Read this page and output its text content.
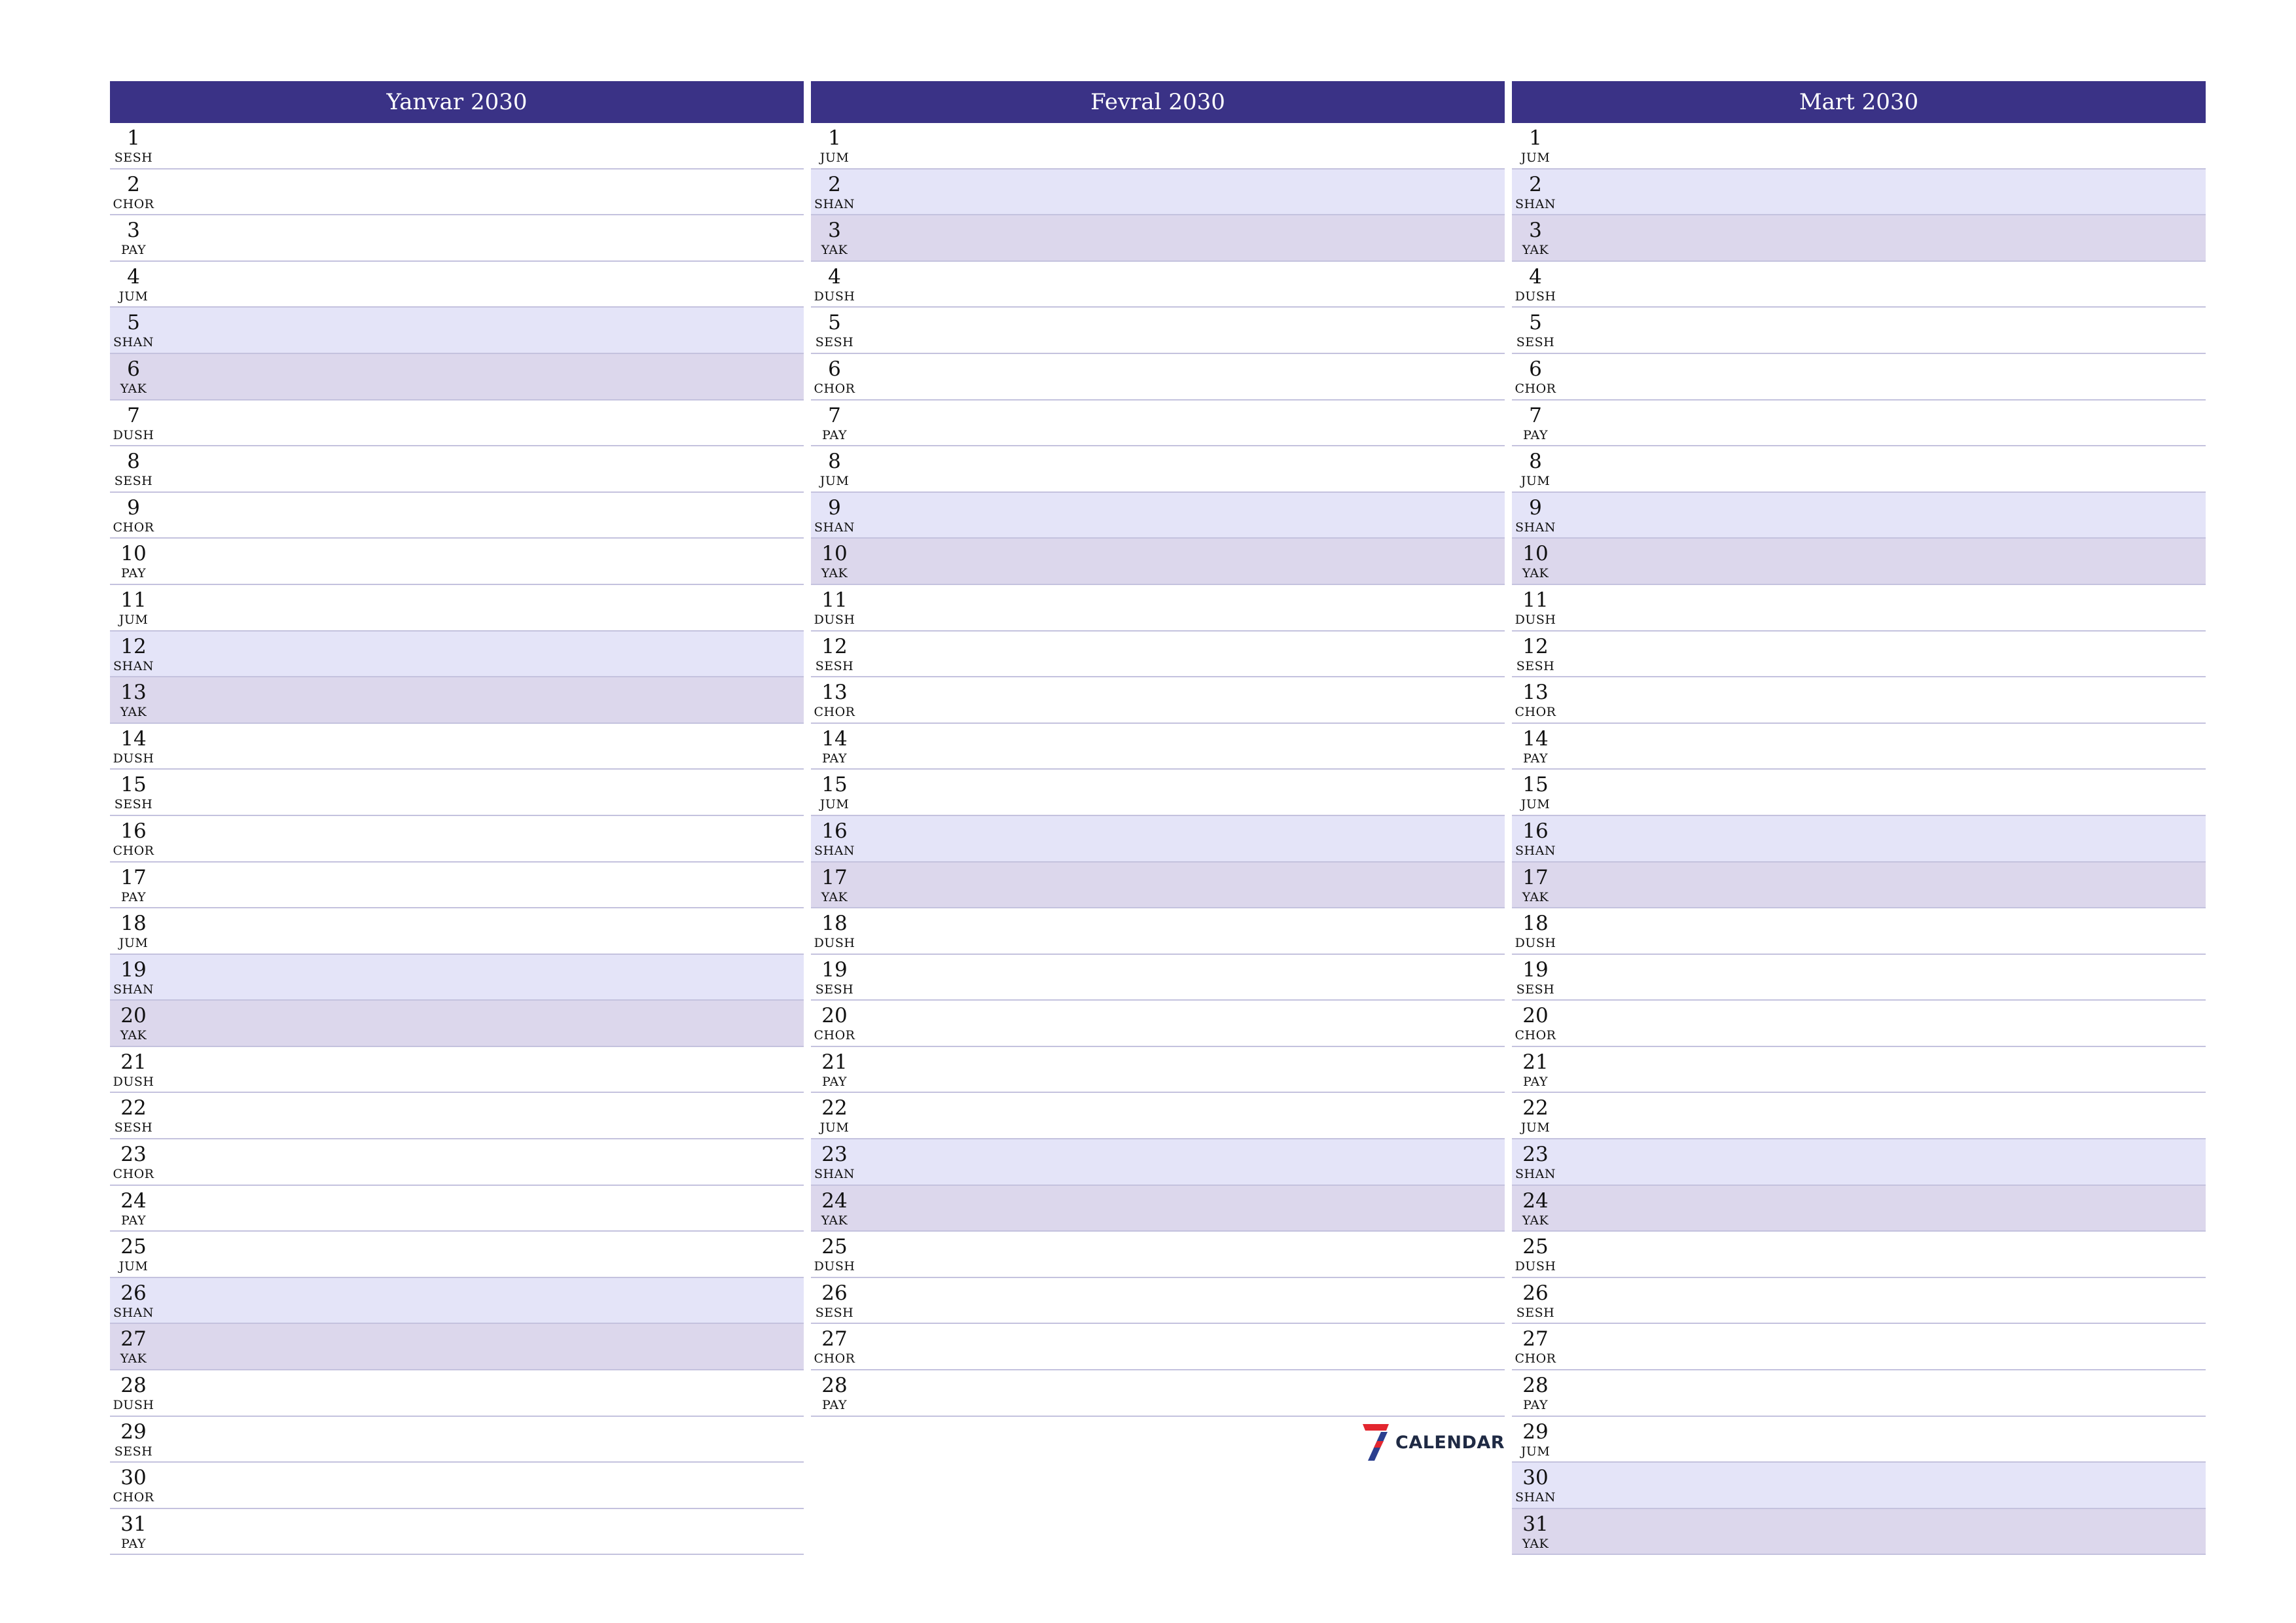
Yanvar 2030
1
SESH
2
CHOR
3
PAY
4
JUM
5
SHAN
6
YAK
7
DUSH
8
SESH
9
CHOR
10
PAY
11
JUM
12
SHAN
13
YAK
14
DUSH
15
SESH
16
CHOR
17
PAY
18
JUM
19
SHAN
20
YAK
21
DUSH
22
SESH
23
CHOR
24
PAY
25
JUM
26
SHAN
27
YAK
28
DUSH
29
SESH
30
CHOR
31
PAY
Fevral 2030
1
JUM
2
SHAN
3
YAK
4
DUSH
5
SESH
6
CHOR
7
PAY
8
JUM
9
SHAN
10
YAK
11
DUSH
12
SESH
13
CHOR
14
PAY
15
JUM
16
SHAN
17
YAK
18
DUSH
19
SESH
20
CHOR
21
PAY
22
JUM
23
SHAN
24
YAK
25
DUSH
26
SESH
27
CHOR
28
PAY
Mart 2030
1
JUM
2
SHAN
3
YAK
4
DUSH
5
SESH
6
CHOR
7
PAY
8
JUM
9
SHAN
10
YAK
11
DUSH
12
SESH
13
CHOR
14
PAY
15
JUM
16
SHAN
17
YAK
18
DUSH
19
SESH
20
CHOR
21
PAY
22
JUM
23
SHAN
24
YAK
25
DUSH
26
SESH
27
CHOR
28
PAY
29
JUM
30
SHAN
31
YAK
CALENDAR
